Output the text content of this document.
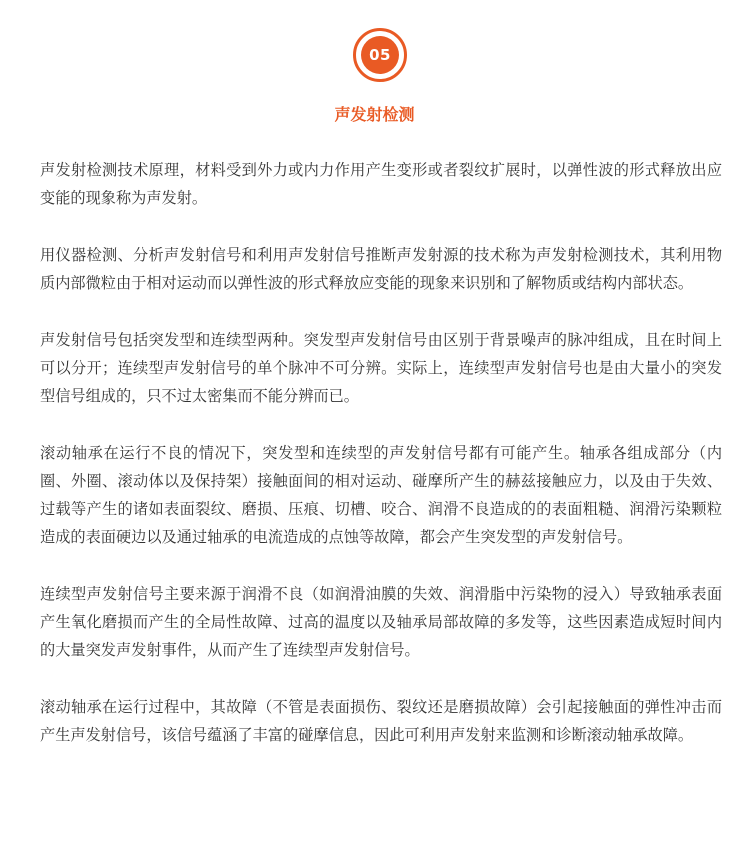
05
声发射检测

声发射检测技术原理，材料受到外力或内力作用产生变形或者裂纹扩展时，以弹性波的形式释放出应变能的现象称为声发射。

用仪器检测、分析声发射信号和利用声发射信号推断声发射源的技术称为声发射检测技术，其利用物质内部微粒由于相对运动而以弹性波的形式释放应变能的现象来识别和了解物质或结构内部状态。

声发射信号包括突发型和连续型两种。突发型声发射信号由区别于背景噪声的脉冲组成，且在时间上可以分开；连续型声发射信号的单个脉冲不可分辨。实际上，连续型声发射信号也是由大量小的突发型信号组成的，只不过太密集而不能分辨而已。

滚动轴承在运行不良的情况下，突发型和连续型的声发射信号都有可能产生。轴承各组成部分（内圈、外圈、滚动体以及保持架）接触面间的相对运动、碰摩所产生的赫兹接触应力，以及由于失效、过载等产生的诸如表面裂纹、磨损、压痕、切槽、咬合、润滑不良造成的的表面粗糙、润滑污染颗粒造成的表面硬边以及通过轴承的电流造成的点蚀等故障，都会产生突发型的声发射信号。

连续型声发射信号主要来源于润滑不良（如润滑油膜的失效、润滑脂中污染物的浸入）导致轴承表面产生氧化磨损而产生的全局性故障、过高的温度以及轴承局部故障的多发等，这些因素造成短时间内的大量突发声发射事件，从而产生了连续型声发射信号。

滚动轴承在运行过程中，其故障（不管是表面损伤、裂纹还是磨损故障）会引起接触面的弹性冲击而产生声发射信号，该信号蕴涵了丰富的碰摩信息，因此可利用声发射来监测和诊断滚动轴承故障。
